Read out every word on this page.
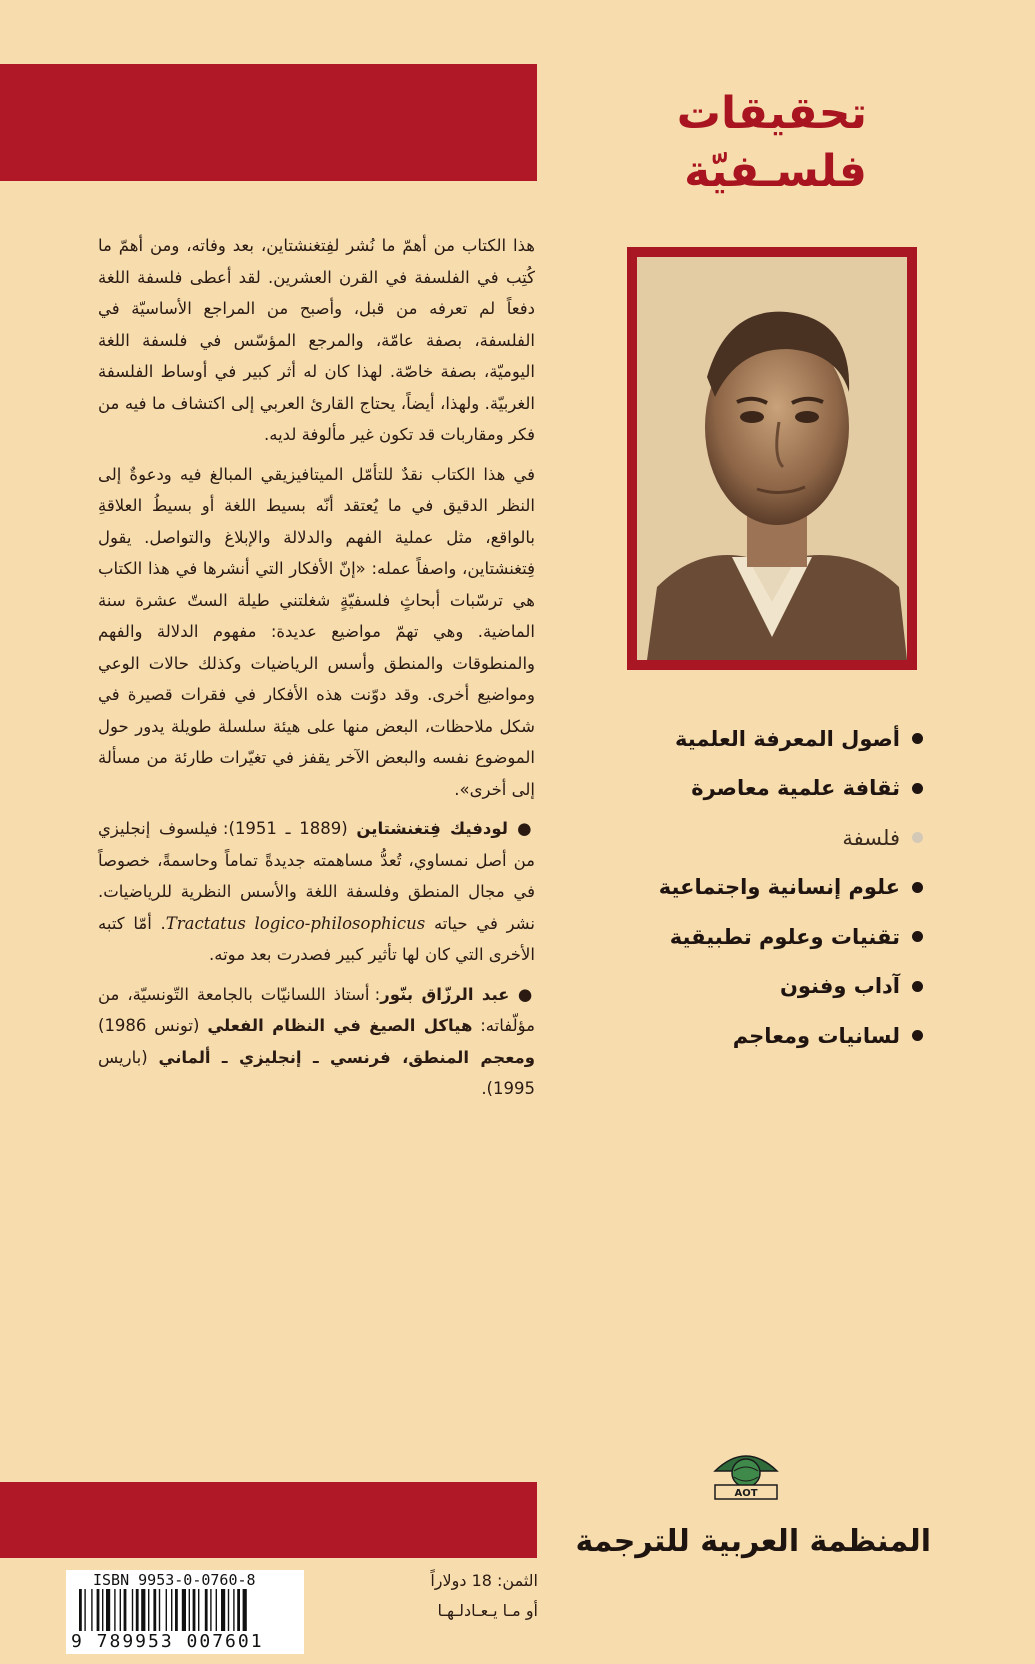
تحقيقات
فلسـفيّة

هذا الكتاب من أهمّ ما نُشر لفِتغنشتاين، بعد وفاته، ومن أهمّ ما كُتِب في الفلسفة في القرن العشرين. لقد أعطى فلسفة اللغة دفعاً لم تعرفه من قبل، وأصبح من المراجع الأساسيّة في الفلسفة، بصفة عامّة، والمرجع المؤسّس في فلسفة اللغة اليوميّة، بصفة خاصّة. لهذا كان له أثر كبير في أوساط الفلسفة الغربيّة. ولهذا، أيضاً، يحتاج القارئ العربي إلى اكتشاف ما فيه من فكر ومقاربات قد تكون غير مألوفة لديه.

في هذا الكتاب نقدٌ للتأمّل الميتافيزيقي المبالغ فيه ودعوةٌ إلى النظر الدقيق في ما يُعتقد أنّه بسيط اللغة أو بسيطُ العلاقةِ بالواقع، مثل عملية الفهم والدلالة والإبلاغ والتواصل. يقول فِتغنشتاين، واصفاً عمله: «إنّ الأفكار التي أنشرها في هذا الكتاب هي ترسّبات أبحاثٍ فلسفيّةٍ شغلتني طيلة الستّ عشرة سنة الماضية. وهي تهمّ مواضيع عديدة: مفهوم الدلالة والفهم والمنطوقات والمنطق وأسس الرياضيات وكذلك حالات الوعي ومواضيع أخرى. وقد دوّنت هذه الأفكار في فقرات قصيرة في شكل ملاحظات، البعض منها على هيئة سلسلة طويلة يدور حول الموضوع نفسه والبعض الآخر يقفز في تغيّرات طارئة من مسألة إلى أخرى».

● لودفيك فِتغنشتاين (1889 ـ 1951): فيلسوف إنجليزي من أصل نمساوي، تُعدُّ مساهمته جديدةً تماماً وحاسمةً، خصوصاً في مجال المنطق وفلسفة اللغة والأسس النظرية للرياضيات. نشر في حياته Tractatus logico-philosophicus. أمّا كتبه الأخرى التي كان لها تأثير كبير فصدرت بعد موته.

● عبد الرزّاق بنّور: أستاذ اللسانيّات بالجامعة التّونسيّة، من مؤلّفاته: هياكل الصيغ في النظام الفعلي (تونس 1986) ومعجم المنطق، فرنسي ـ إنجليزي ـ ألماني (باريس 1995).

أصول المعرفة العلمية
ثقافة علمية معاصرة
فلسفة
علوم إنسانية واجتماعية
تقنيات وعلوم تطبيقية
آداب وفنون
لسانيات ومعاجم
AOT
المنظمة العربية للترجمة
الثمن: 18 دولاراً
أو مـا يـعـادلـهـا
ISBN 9953-0-0760-8
9 789953 007601
